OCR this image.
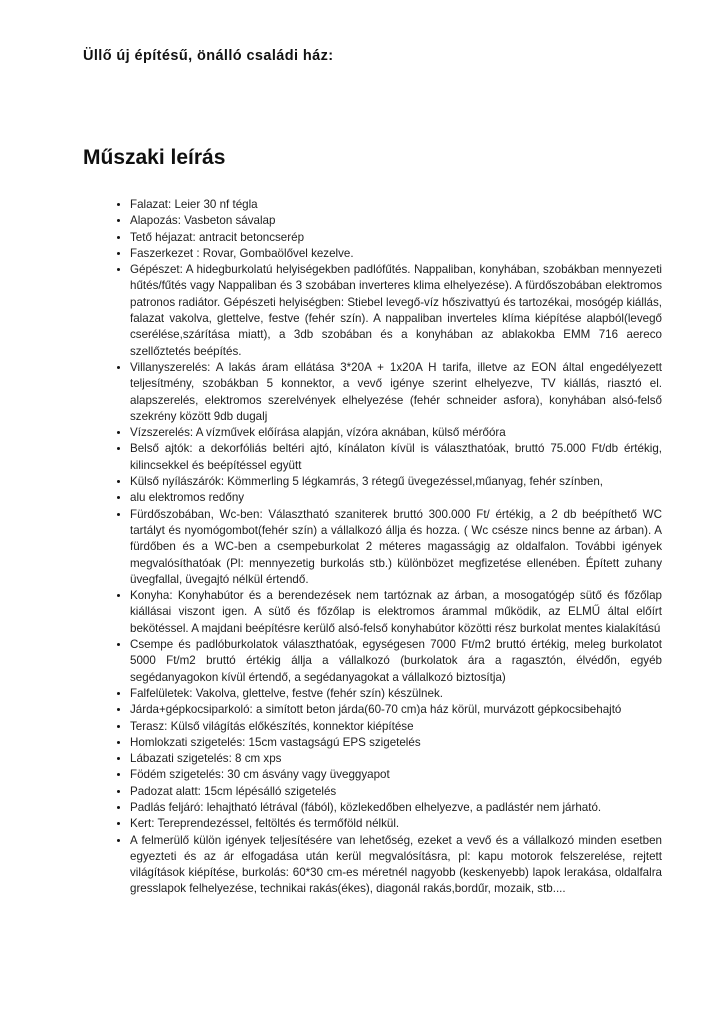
Üllő új építésű, önálló családi ház:
Műszaki leírás
• Falazat: Leier 30 nf tégla
• Alapozás: Vasbeton sávalap
• Tető héjazat: antracit betoncserép
• Faszerkezet : Rovar, Gombaölővel kezelve.
• Gépészet: A hidegburkolatú helyiségekben padlófűtés. Nappaliban, konyhában, szobákban mennyezeti hűtés/fűtés vagy Nappaliban és 3 szobában inverteres klima elhelyezése). A fürdőszobában elektromos patronos radiátor. Gépészeti helyiségben: Stiebel levegő-víz hőszivattyú és tartozékai, mosógép kiállás, falazat vakolva, glettelve, festve (fehér szín). A nappaliban inverteles klíma kiépítése alapból(levegő cserélése,szárítása miatt), a 3db szobában és a konyhában az ablakokba EMM 716 aereco szellőztetés beépítés.
• Villanyszerelés: A lakás áram ellátása 3*20A + 1x20A H tarifa, illetve az EON által engedélyezett teljesítmény, szobákban 5 konnektor, a vevő igénye szerint elhelyezve, TV kiállás, riasztó el. alapszerelés, elektromos szerelvények elhelyezése (fehér schneider asfora), konyhában alsó-felső szekrény között 9db dugalj
• Vízszerelés: A vízművek előírása alapján, vízóra aknában, külső mérőóra
• Belső ajtók: a dekorfóliás beltéri ajtó, kínálaton kívül is választhatóak, bruttó 75.000 Ft/db értékig, kilincsekkel és beépítéssel együtt
• Külső nyílászárók: Kömmerling 5 légkamrás, 3 rétegű üvegezéssel,műanyag, fehér színben,
• alu elektromos redőny
• Fürdőszobában, Wc-ben: Választható szaniterek bruttó 300.000 Ft/ értékig, a 2 db beépíthető WC tartályt és nyomógombot(fehér szín) a vállalkozó állja és hozza. ( Wc csésze nincs benne az árban). A fürdőben és a WC-ben a csempeburkolat 2 méteres magasságig az oldalfalon. További igények megvalósíthatóak (Pl: mennyezetig burkolás stb.) különbözet megfizetése ellenében. Épített zuhany üvegfallal, üvegajtó nélkül értendő.
• Konyha: Konyhabútor és a berendezések nem tartóznak az árban, a mosogatógép sütő és főzőlap kiállásai viszont igen. A sütő és főzőlap is elektromos árammal működik, az ELMŰ által előírt bekötéssel. A majdani beépítésre kerülő alsó-felső konyhabútor közötti rész burkolat mentes kialakítású
• Csempe és padlóburkolatok választhatóak, egységesen 7000 Ft/m2 bruttó értékig, meleg burkolatot 5000 Ft/m2 bruttó értékig állja a vállalkozó (burkolatok ára a ragasztón, élvédőn, egyéb segédanyagokon kívül értendő, a segédanyagokat a vállalkozó biztosítja)
• Falfelületek: Vakolva, glettelve, festve (fehér szín) készülnek.
• Járda+gépkocsiparkoló: a simított beton járda(60-70 cm)a ház körül, murvázott gépkocsibehajtó
• Terasz: Külső világítás előkészítés, konnektor kiépítése
• Homlokzati szigetelés: 15cm vastagságú EPS szigetelés
• Lábazati szigetelés: 8 cm xps
• Födém szigetelés: 30 cm ásvány vagy üveggyapot
• Padozat alatt: 15cm lépésálló szigetelés
• Padlás feljáró: lehajtható létrával (fából), közlekedőben elhelyezve, a padlástér nem járható.
• Kert: Tereprendezéssel, feltöltés és termőföld nélkül.
• A felmerülő külön igények teljesítésére van lehetőség, ezeket a vevő és a vállalkozó minden esetben egyezteti és az ár elfogadása után kerül megvalósításra, pl: kapu motorok felszerelése, rejtett világítások kiépítése, burkolás: 60*30 cm-es méretnél nagyobb (keskenyebb) lapok lerakása, oldalfalra gresslapok felhelyezése, technikai rakás(ékes), diagonál rakás,bordűr, mozaik, stb....
